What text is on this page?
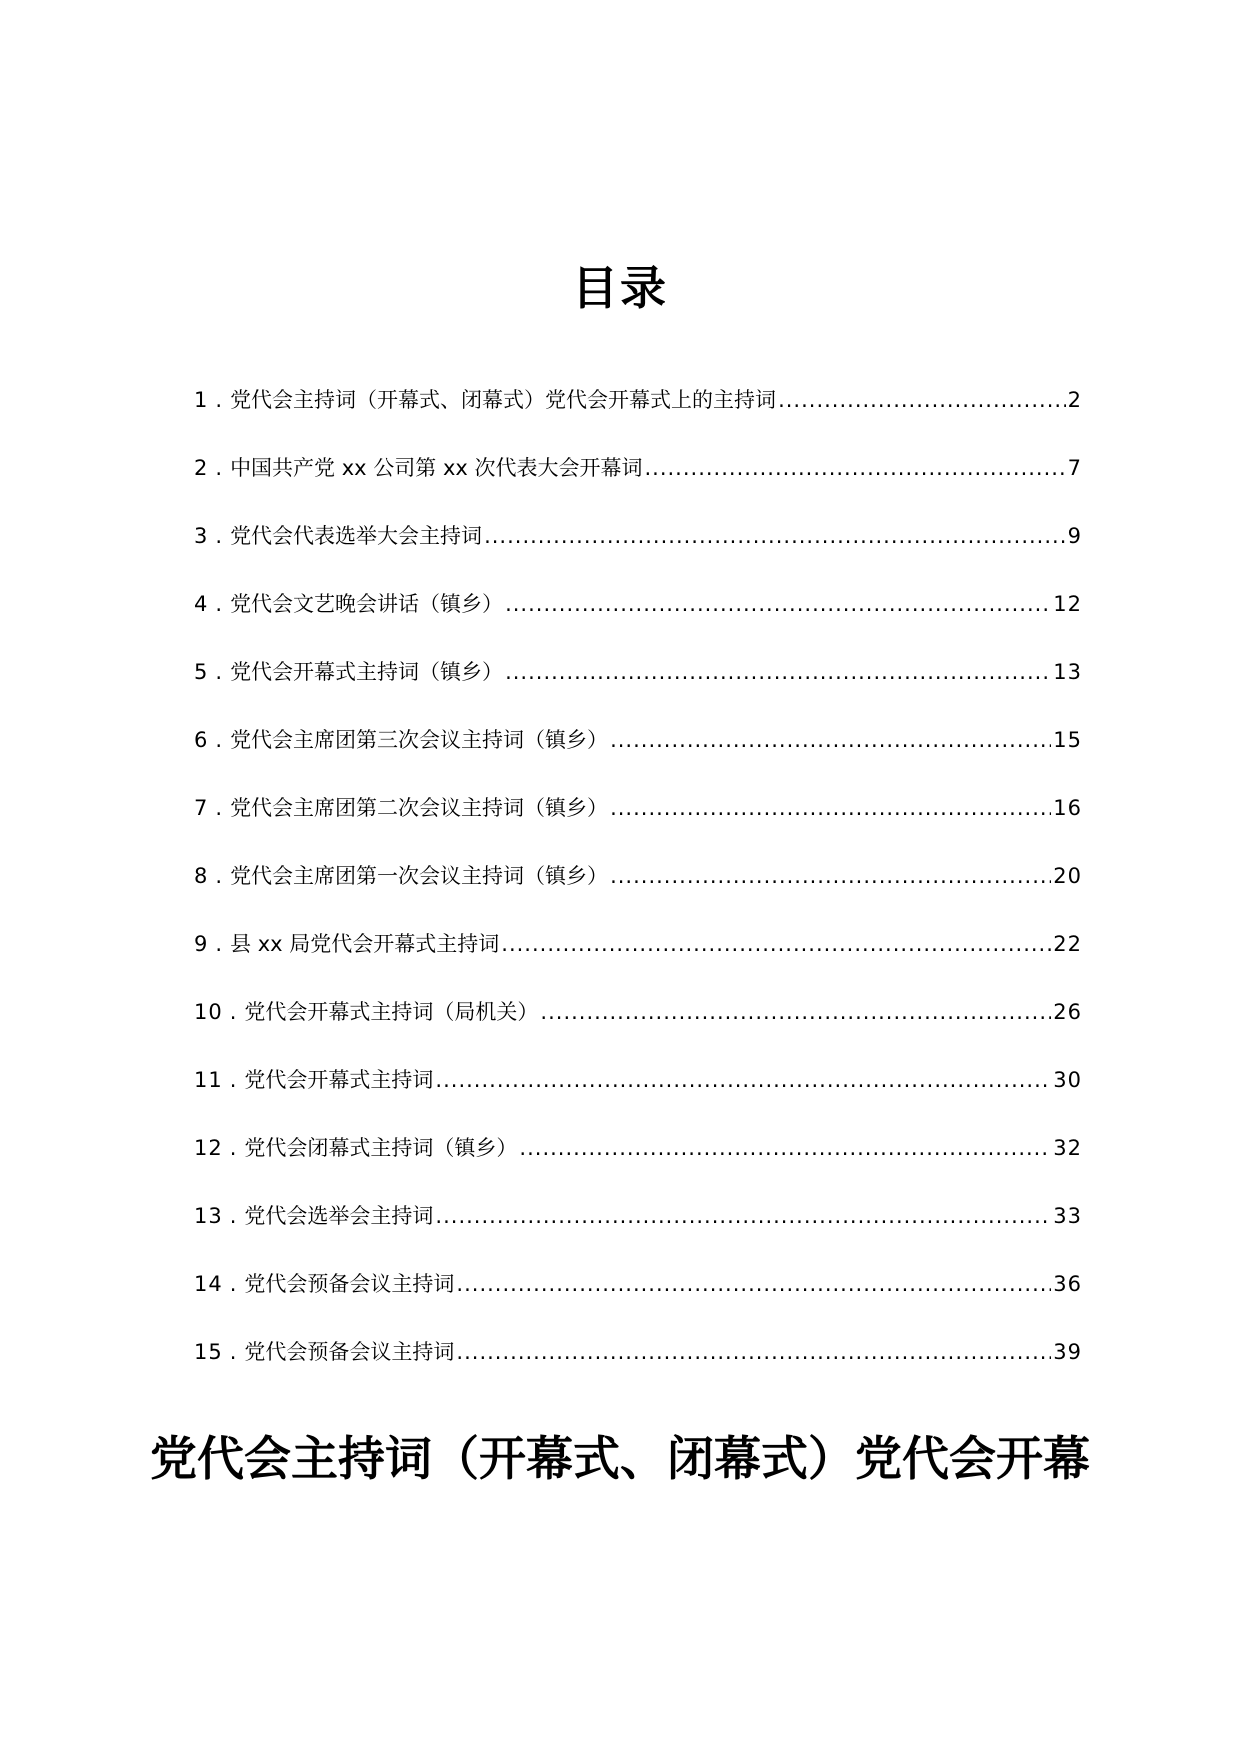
目录
1 . 党代会主持词（开幕式、闭幕式）党代会开幕式上的主持词 .....	2
2 . 中国共产党 xx 公司第 xx 次代表大会开幕词 .....	7
3 . 党代会代表选举大会主持词 .....	9
4 . 党代会文艺晚会讲话（镇乡） .....	12
5 . 党代会开幕式主持词（镇乡） .....	13
6 . 党代会主席团第三次会议主持词（镇乡） .....	15
7 . 党代会主席团第二次会议主持词（镇乡） .....	16
8 . 党代会主席团第一次会议主持词（镇乡） .....	20
9 . 县 xx 局党代会开幕式主持词 .....	22
10 . 党代会开幕式主持词（局机关） .....	26
11 . 党代会开幕式主持词 .....	30
12 . 党代会闭幕式主持词（镇乡） .....	32
13 . 党代会选举会主持词 .....	33
14 . 党代会预备会议主持词 .....	36
15 . 党代会预备会议主持词 .....	39
党代会主持词（开幕式、闭幕式）党代会开幕
